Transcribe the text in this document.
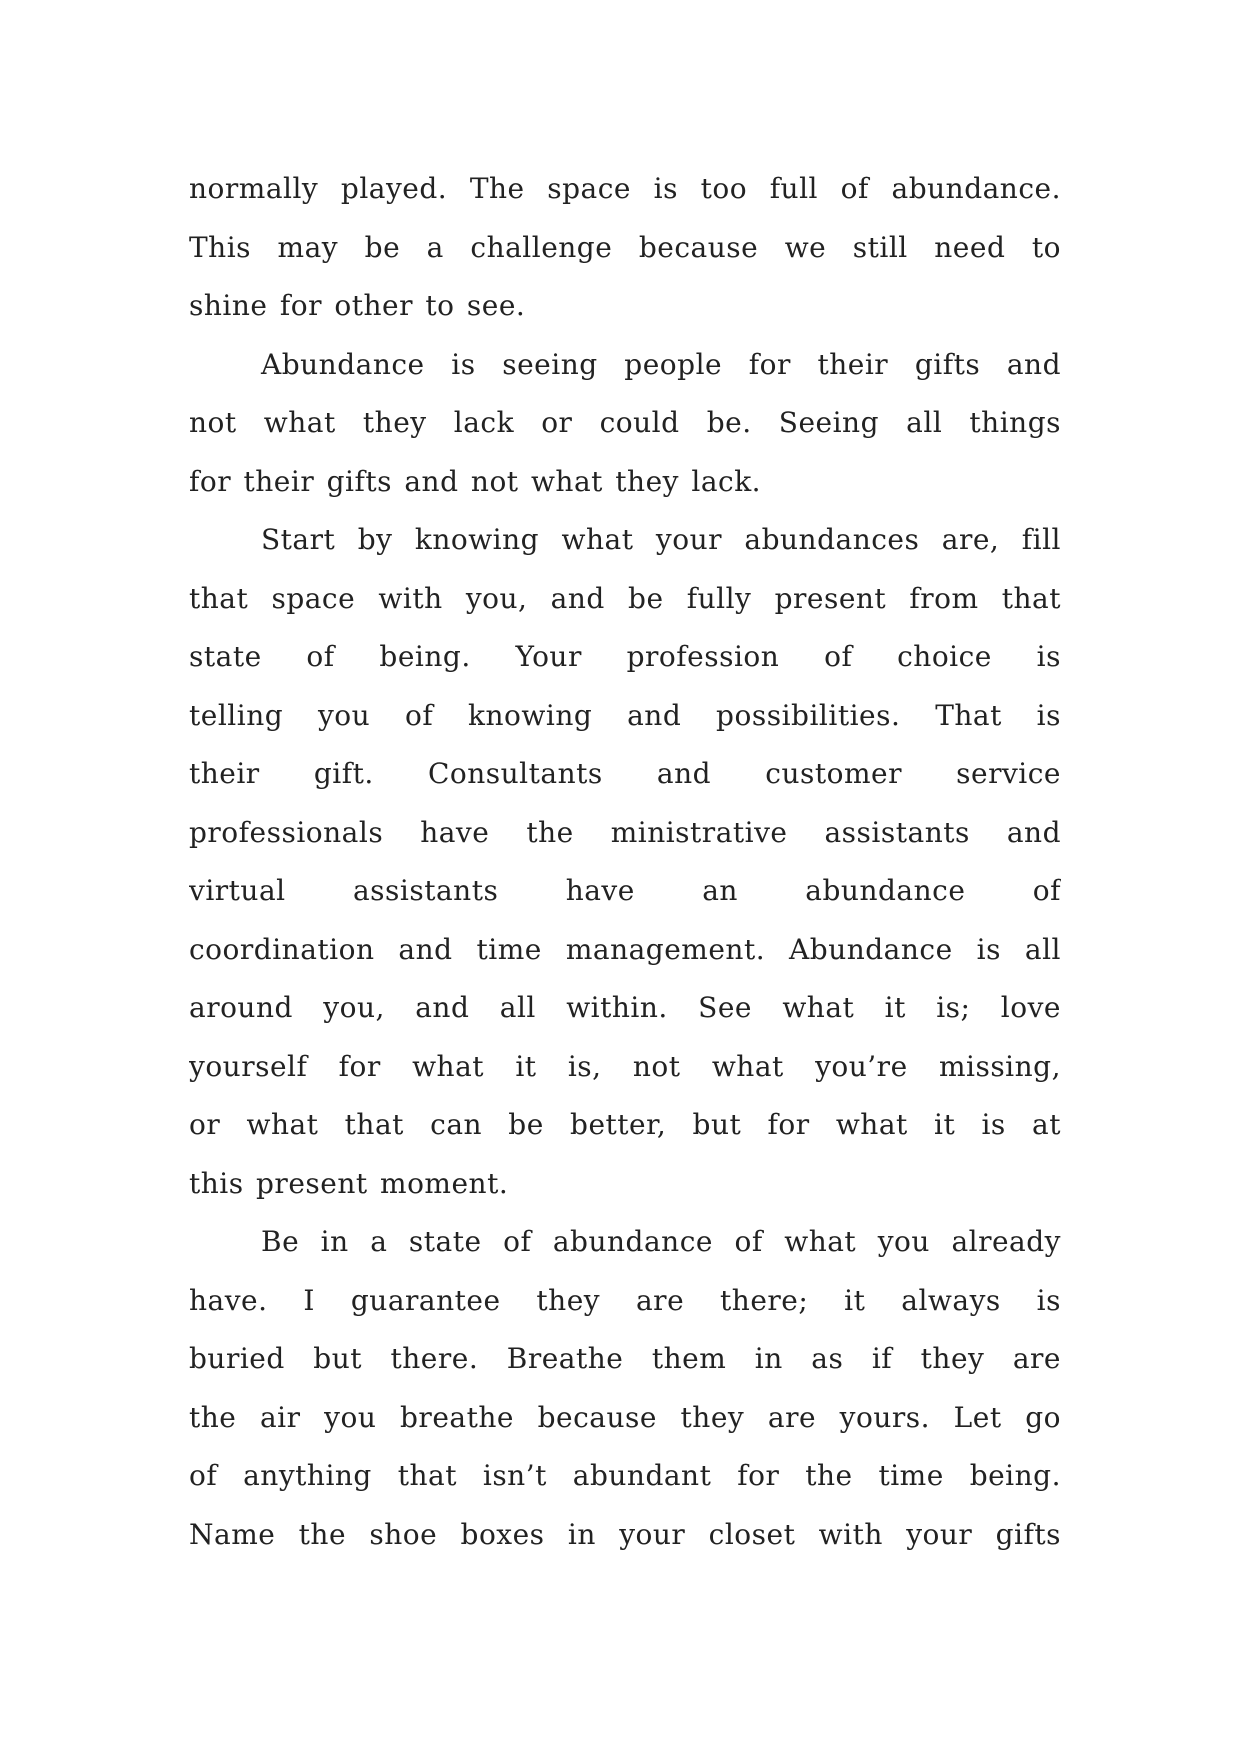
normally played. The space is too full of abundance.
This may be a challenge because we still need to
shine for other to see.
Abundance is seeing people for their gifts and
not what they lack or could be. Seeing all things
for their gifts and not what they lack.
Start by knowing what your abundances are, fill
that space with you, and be fully present from that
state of being. Your profession of choice is
telling you of knowing and possibilities. That is
their gift. Consultants and customer service
professionals have the ministrative assistants and
virtual assistants have an abundance of
coordination and time management. Abundance is all
around you, and all within. See what it is; love
yourself for what it is, not what you’re missing,
or what that can be better, but for what it is at
this present moment.
Be in a state of abundance of what you already
have. I guarantee they are there; it always is
buried but there. Breathe them in as if they are
the air you breathe because they are yours. Let go
of anything that isn’t abundant for the time being.
Name the shoe boxes in your closet with your gifts
